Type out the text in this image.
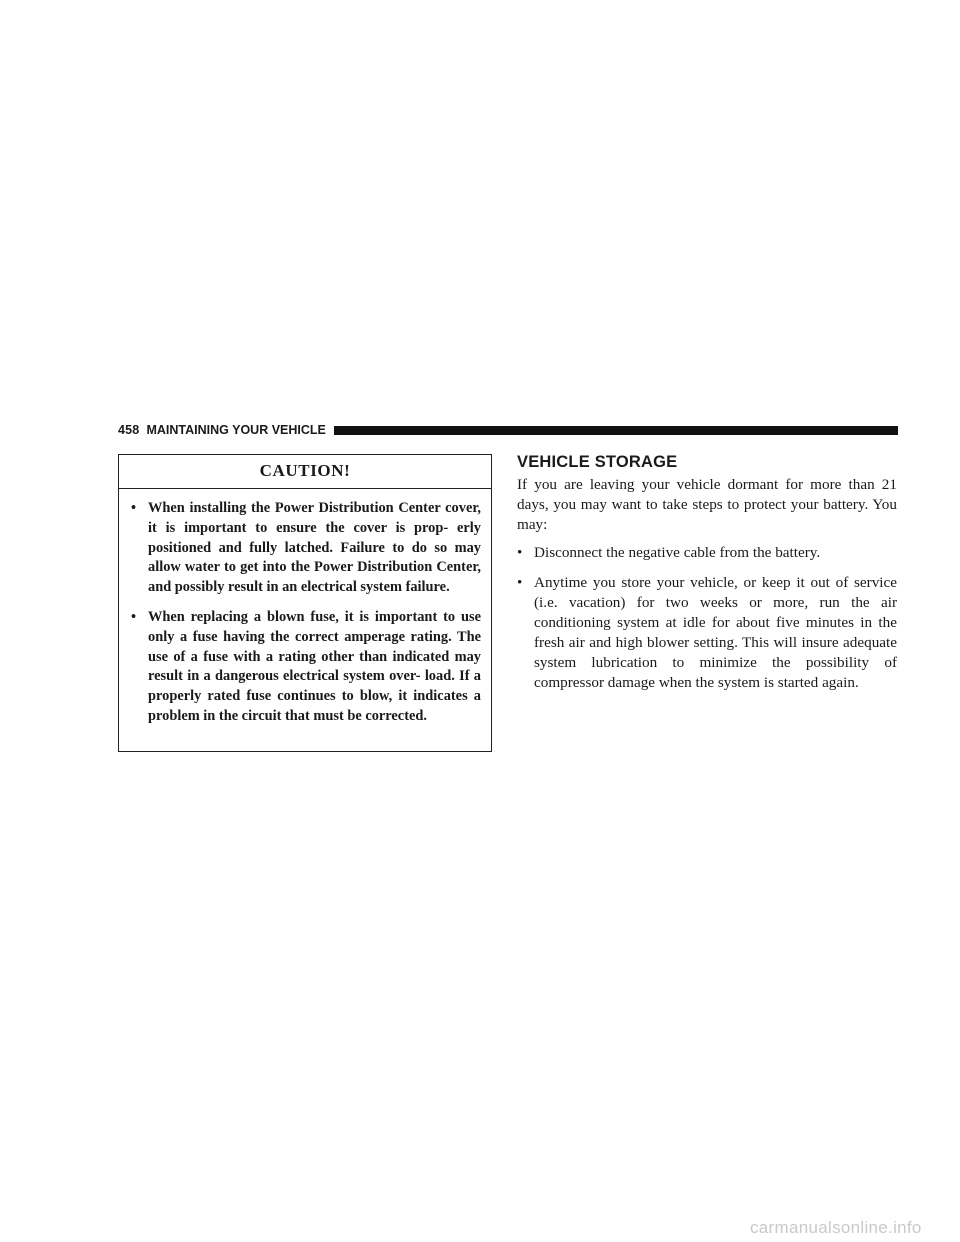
458 MAINTAINING YOUR VEHICLE
CAUTION!
• When installing the Power Distribution Center cover, it is important to ensure the cover is prop- erly positioned and fully latched. Failure to do so may allow water to get into the Power Distribution Center, and possibly result in an electrical system failure.
• When replacing a blown fuse, it is important to use only a fuse having the correct amperage rating. The use of a fuse with a rating other than indicated may result in a dangerous electrical system over- load. If a properly rated fuse continues to blow, it indicates a problem in the circuit that must be corrected.
VEHICLE STORAGE

If you are leaving your vehicle dormant for more than 21 days, you may want to take steps to protect your battery. You may:

• Disconnect the negative cable from the battery.
• Anytime you store your vehicle, or keep it out of service (i.e. vacation) for two weeks or more, run the air conditioning system at idle for about five minutes in the fresh air and high blower setting. This will insure adequate system lubrication to minimize the possibility of compressor damage when the system is started again.
carmanualsonline.info
